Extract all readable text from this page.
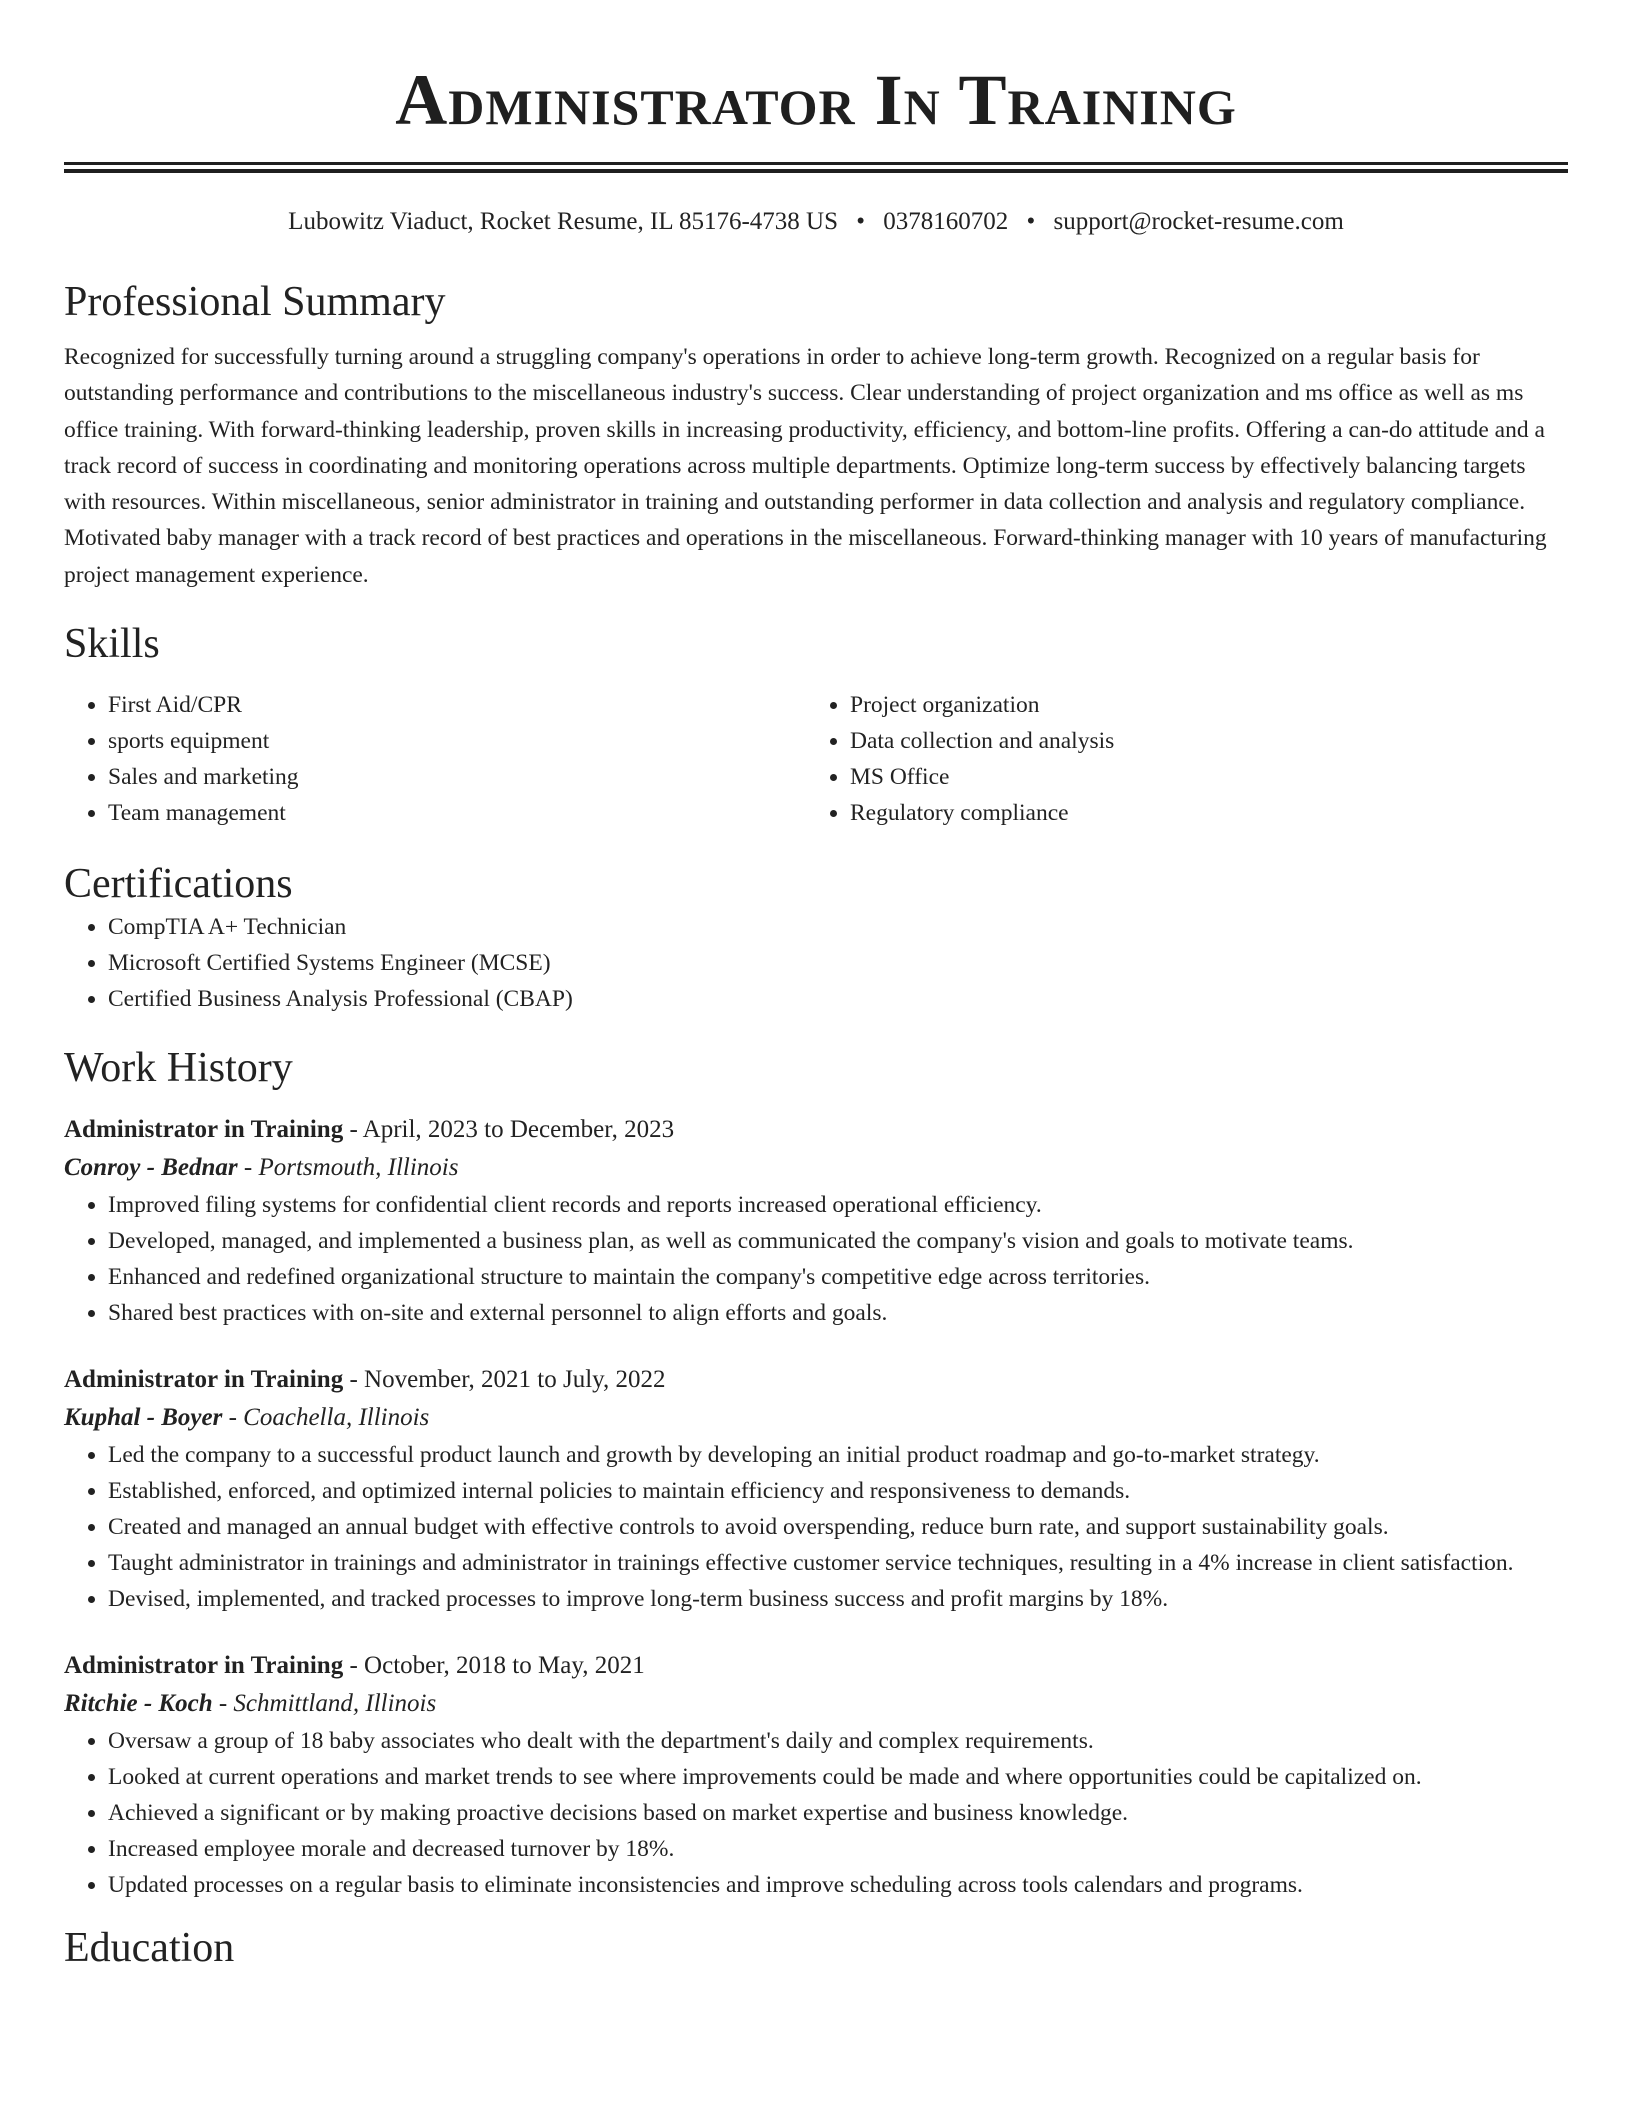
Administrator In Training
Lubowitz Viaduct, Rocket Resume, IL 85176-4738 US • 0378160702 • support@rocket-resume.com
Professional Summary

Recognized for successfully turning around a struggling company's operations in order to achieve long-term growth. Recognized on a regular basis for outstanding performance and contributions to the miscellaneous industry's success. Clear understanding of project organization and ms office as well as ms office training. With forward-thinking leadership, proven skills in increasing productivity, efficiency, and bottom-line profits. Offering a can-do attitude and a track record of success in coordinating and monitoring operations across multiple departments. Optimize long-term success by effectively balancing targets with resources. Within miscellaneous, senior administrator in training and outstanding performer in data collection and analysis and regulatory compliance. Motivated baby manager with a track record of best practices and operations in the miscellaneous. Forward-thinking manager with 10 years of manufacturing project management experience.

Skills
• First Aid/CPR
• sports equipment
• Sales and marketing
• Team management
• Project organization
• Data collection and analysis
• MS Office
• Regulatory compliance
Certifications
• CompTIA A+ Technician
• Microsoft Certified Systems Engineer (MCSE)
• Certified Business Analysis Professional (CBAP)
Work History
Administrator in Training - April, 2023 to December, 2023
Conroy - Bednar - Portsmouth, Illinois
• Improved filing systems for confidential client records and reports increased operational efficiency.
• Developed, managed, and implemented a business plan, as well as communicated the company's vision and goals to motivate teams.
• Enhanced and redefined organizational structure to maintain the company's competitive edge across territories.
• Shared best practices with on-site and external personnel to align efforts and goals.
Administrator in Training - November, 2021 to July, 2022
Kuphal - Boyer - Coachella, Illinois
• Led the company to a successful product launch and growth by developing an initial product roadmap and go-to-market strategy.
• Established, enforced, and optimized internal policies to maintain efficiency and responsiveness to demands.
• Created and managed an annual budget with effective controls to avoid overspending, reduce burn rate, and support sustainability goals.
• Taught administrator in trainings and administrator in trainings effective customer service techniques, resulting in a 4% increase in client satisfaction.
• Devised, implemented, and tracked processes to improve long-term business success and profit margins by 18%.
Administrator in Training - October, 2018 to May, 2021
Ritchie - Koch - Schmittland, Illinois
• Oversaw a group of 18 baby associates who dealt with the department's daily and complex requirements.
• Looked at current operations and market trends to see where improvements could be made and where opportunities could be capitalized on.
• Achieved a significant or by making proactive decisions based on market expertise and business knowledge.
• Increased employee morale and decreased turnover by 18%.
• Updated processes on a regular basis to eliminate inconsistencies and improve scheduling across tools calendars and programs.
Education
